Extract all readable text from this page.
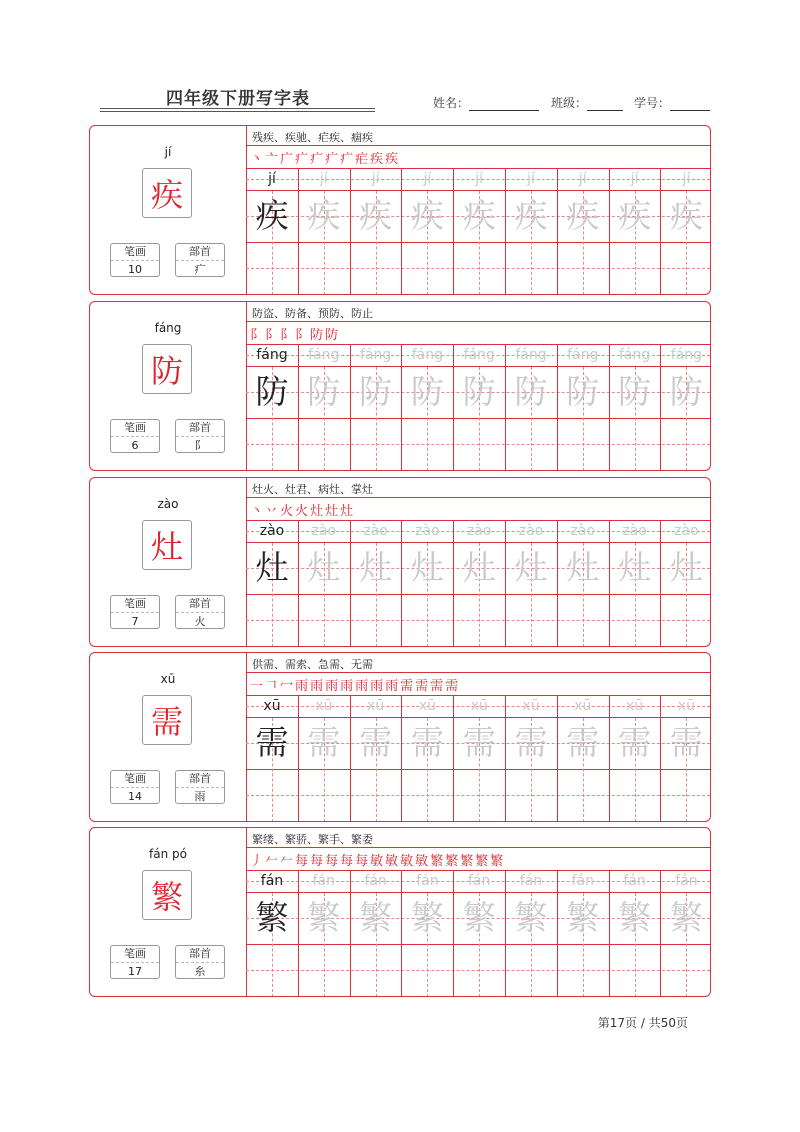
四年级下册写字表	姓名：	班级：	学号：
jí
疾
笔画
10
部首
疒
残疾、疾驰、疟疾、痼疾
丶 亠 广 疒 疒 疒 疒 疟 疾 疾
jí
疾
jí
疾
jí
疾
jí
疾
jí
疾
jí
疾
jí
疾
jí
疾
jí
疾
fáng
防
笔画
6
部首
阝
防盗、防备、预防、防止
阝 阝 阝 阝 防 防
fáng
防
fáng
防
fáng
防
fáng
防
fáng
防
fáng
防
fáng
防
fáng
防
fáng
防
zào
灶
笔画
7
部首
火
灶火、灶君、病灶、掌灶
丶 丷 火 火 灶 灶 灶
zào
灶
zào
灶
zào
灶
zào
灶
zào
灶
zào
灶
zào
灶
zào
灶
zào
灶
xū
需
笔画
14
部首
雨
供需、需索、急需、无需
一 𠃍 冖 雨 雨 雨 雨 雨 雨 雨 需 需 需 需
xū
需
xū
需
xū
需
xū
需
xū
需
xū
需
xū
需
xū
需
xū
需
fán pó
繁
笔画
17
部首
糸
繁缕、繁骄、繁手、繁委
丿 𠂉 𠂉 每 每 每 每 每 敏 敏 敏 敏 繁 繁 繁 繁 繁
fán
繁
fán
繁
fán
繁
fán
繁
fán
繁
fán
繁
fán
繁
fán
繁
fán
繁
第17页 / 共50页
